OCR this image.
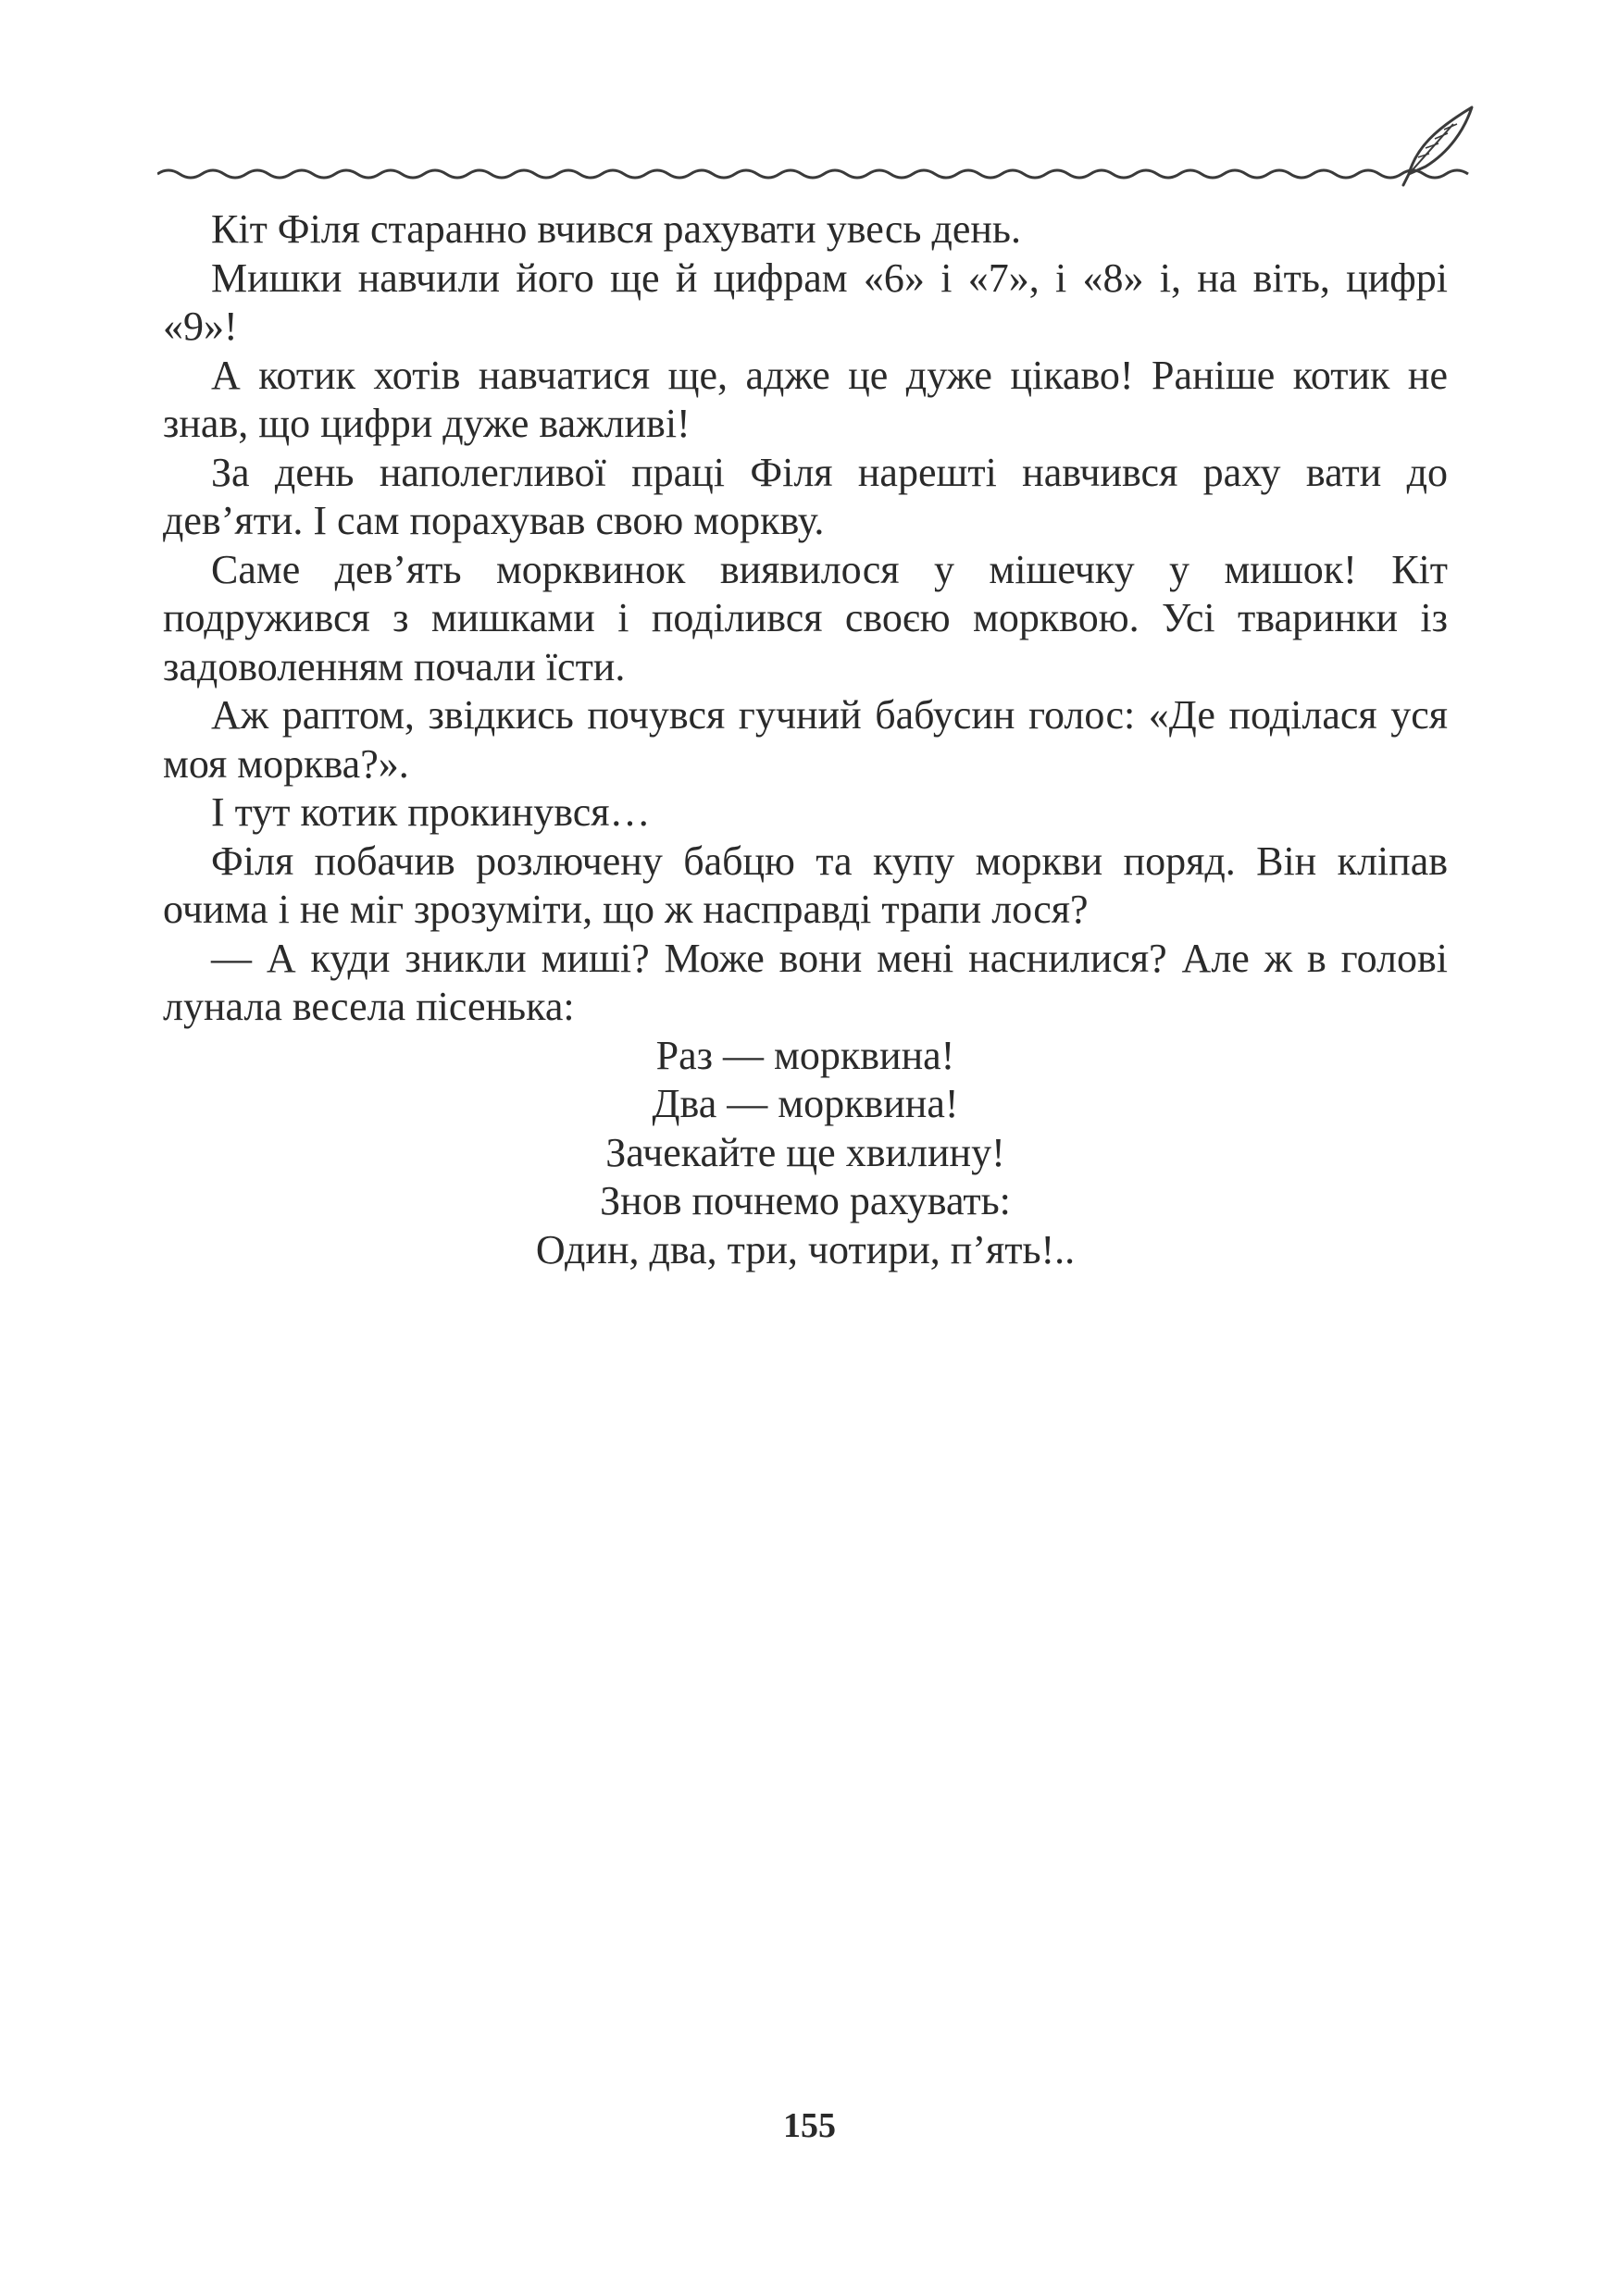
Кіт Філя старанно вчився рахувати увесь день.

Мишки навчили його ще й цифрам «6» і «7», і «8» і, на віть, цифрі «9»!

А котик хотів навчатися ще, адже це дуже цікаво! Раніше котик не знав, що цифри дуже важливі!

За день наполегливої праці Філя нарешті навчився раху вати до дев’яти. І сам порахував свою моркву.

Саме дев’ять морквинок виявилося у мішечку у мишок! Кіт подружився з мишками і поділився своєю морквою. Усі тваринки із задоволенням почали їсти.

Аж раптом, звідкись почувся гучний бабусин голос: «Де поділася уся моя морква?».

І тут котик прокинувся…

Філя побачив розлючену бабцю та купу моркви поряд. Він кліпав очима і не міг зрозуміти, що ж насправді трапи лося?

— А куди зникли миші? Може вони мені наснилися? Але ж в голові лунала весела пісенька:

Раз — морквина!
Два — морквина!
Зачекайте ще хвилину!
Знов почнемо рахувать:
Один, два, три, чотири, п’ять!..
155
